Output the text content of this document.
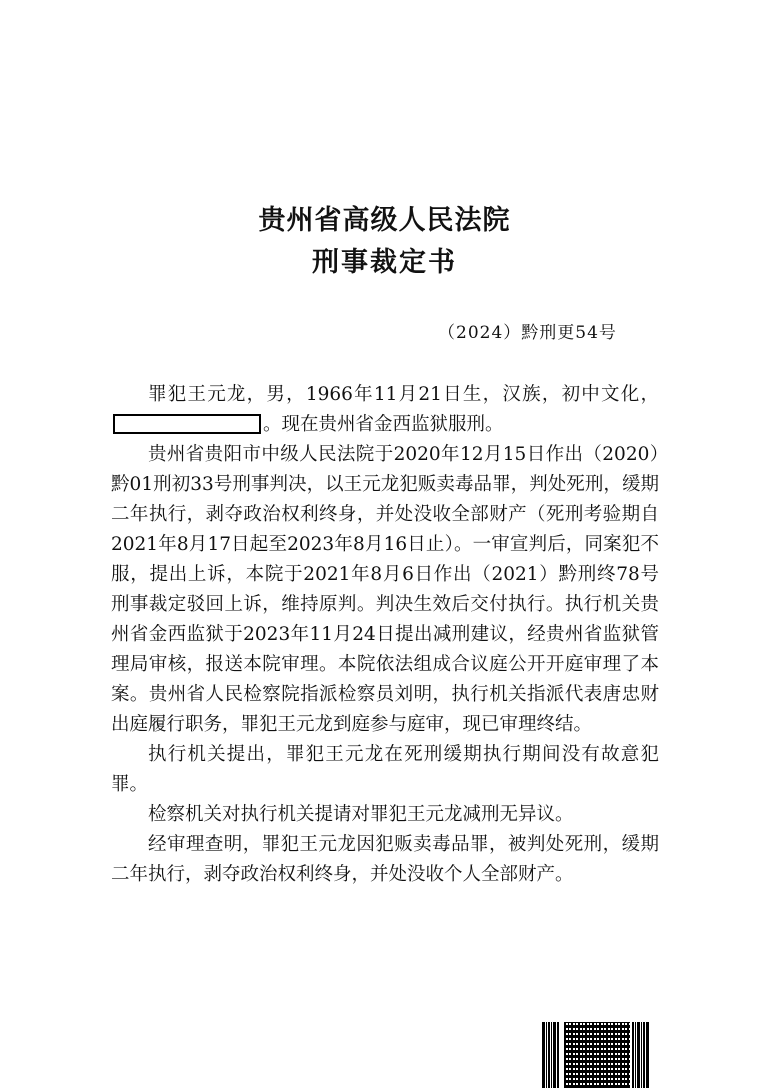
贵州省高级人民法院
刑事裁定书
（2024）黔刑更54号

罪犯王元龙，男，1966年11月21日生，汉族，初中文化，。现在贵州省金西监狱服刑。

贵州省贵阳市中级人民法院于2020年12月15日作出（2020）黔01刑初33号刑事判决，以王元龙犯贩卖毒品罪，判处死刑，缓期二年执行，剥夺政治权利终身，并处没收全部财产（死刑考验期自2021年8月17日起至2023年8月16日止）。一审宣判后，同案犯不服，提出上诉，本院于2021年8月6日作出（2021）黔刑终78号刑事裁定驳回上诉，维持原判。判决生效后交付执行。执行机关贵州省金西监狱于2023年11月24日提出减刑建议，经贵州省监狱管理局审核，报送本院审理。本院依法组成合议庭公开开庭审理了本案。贵州省人民检察院指派检察员刘明，执行机关指派代表唐忠财出庭履行职务，罪犯王元龙到庭参与庭审，现已审理终结。

执行机关提出，罪犯王元龙在死刑缓期执行期间没有故意犯罪。

检察机关对执行机关提请对罪犯王元龙减刑无异议。

经审理查明，罪犯王元龙因犯贩卖毒品罪，被判处死刑，缓期二年执行，剥夺政治权利终身，并处没收个人全部财产。
